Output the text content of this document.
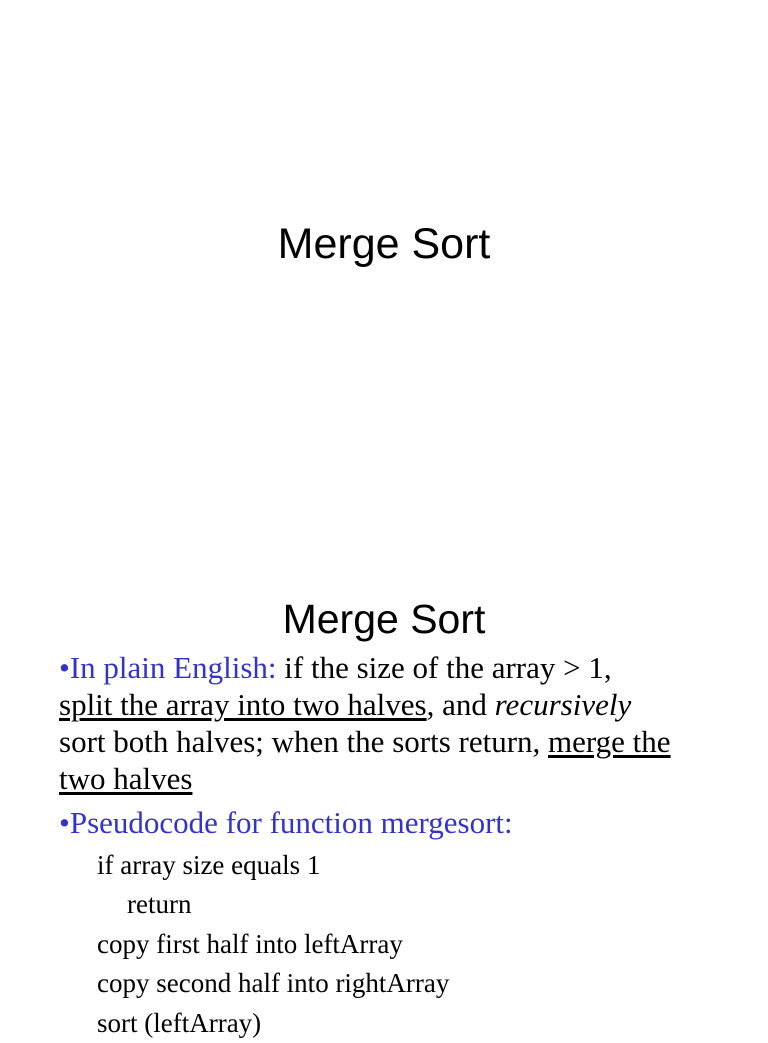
Merge Sort
Merge Sort
•In plain English: if the size of the array > 1,
split the array into two halves, and recursively
sort both halves; when the sorts return, merge the two halves
•Pseudocode for function mergesort:
if array size equals 1
return
copy first half into leftArray
copy second half into rightArray
sort (leftArray)
